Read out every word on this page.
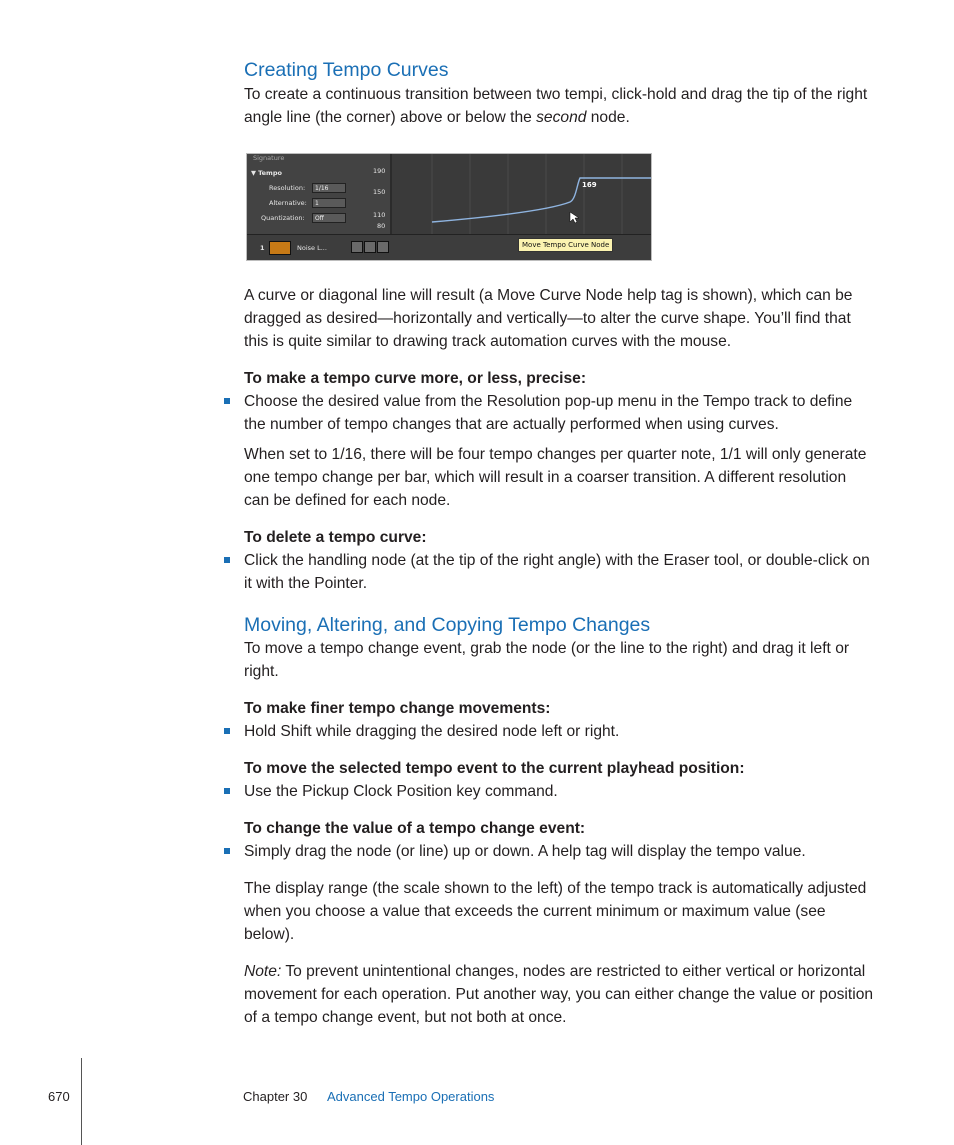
Creating Tempo Curves

To create a continuous transition between two tempi, click-hold and drag the tip of the right angle line (the corner) above or below the second node.

Signature
▼ Tempo
Resolution:	1/16
Alternative:	1
Quantization:	Off
190
150
110
80
169
1	Noise L...	Move Tempo Curve Node

A curve or diagonal line will result (a Move Curve Node help tag is shown), which can be dragged as desired—horizontally and vertically—to alter the curve shape. You’ll find that this is quite similar to drawing track automation curves with the mouse.

To make a tempo curve more, or less, precise:

Choose the desired value from the Resolution pop-up menu in the Tempo track to define the number of tempo changes that are actually performed when using curves.

When set to 1/16, there will be four tempo changes per quarter note, 1/1 will only generate one tempo change per bar, which will result in a coarser transition. A different resolution can be defined for each node.

To delete a tempo curve:

Click the handling node (at the tip of the right angle) with the Eraser tool, or double-click on it with the Pointer.
Moving, Altering, and Copying Tempo Changes

To move a tempo change event, grab the node (or the line to the right) and drag it left or right.

To make finer tempo change movements:

Hold Shift while dragging the desired node left or right.

To move the selected tempo event to the current playhead position:

Use the Pickup Clock Position key command.

To change the value of a tempo change event:

Simply drag the node (or line) up or down. A help tag will display the tempo value.

The display range (the scale shown to the left) of the tempo track is automatically adjusted when you choose a value that exceeds the current minimum or maximum value (see below).

Note: To prevent unintentional changes, nodes are restricted to either vertical or horizontal movement for each operation. Put another way, you can either change the value or position of a tempo change event, but not both at once.

670	Chapter 30 Advanced Tempo Operations
